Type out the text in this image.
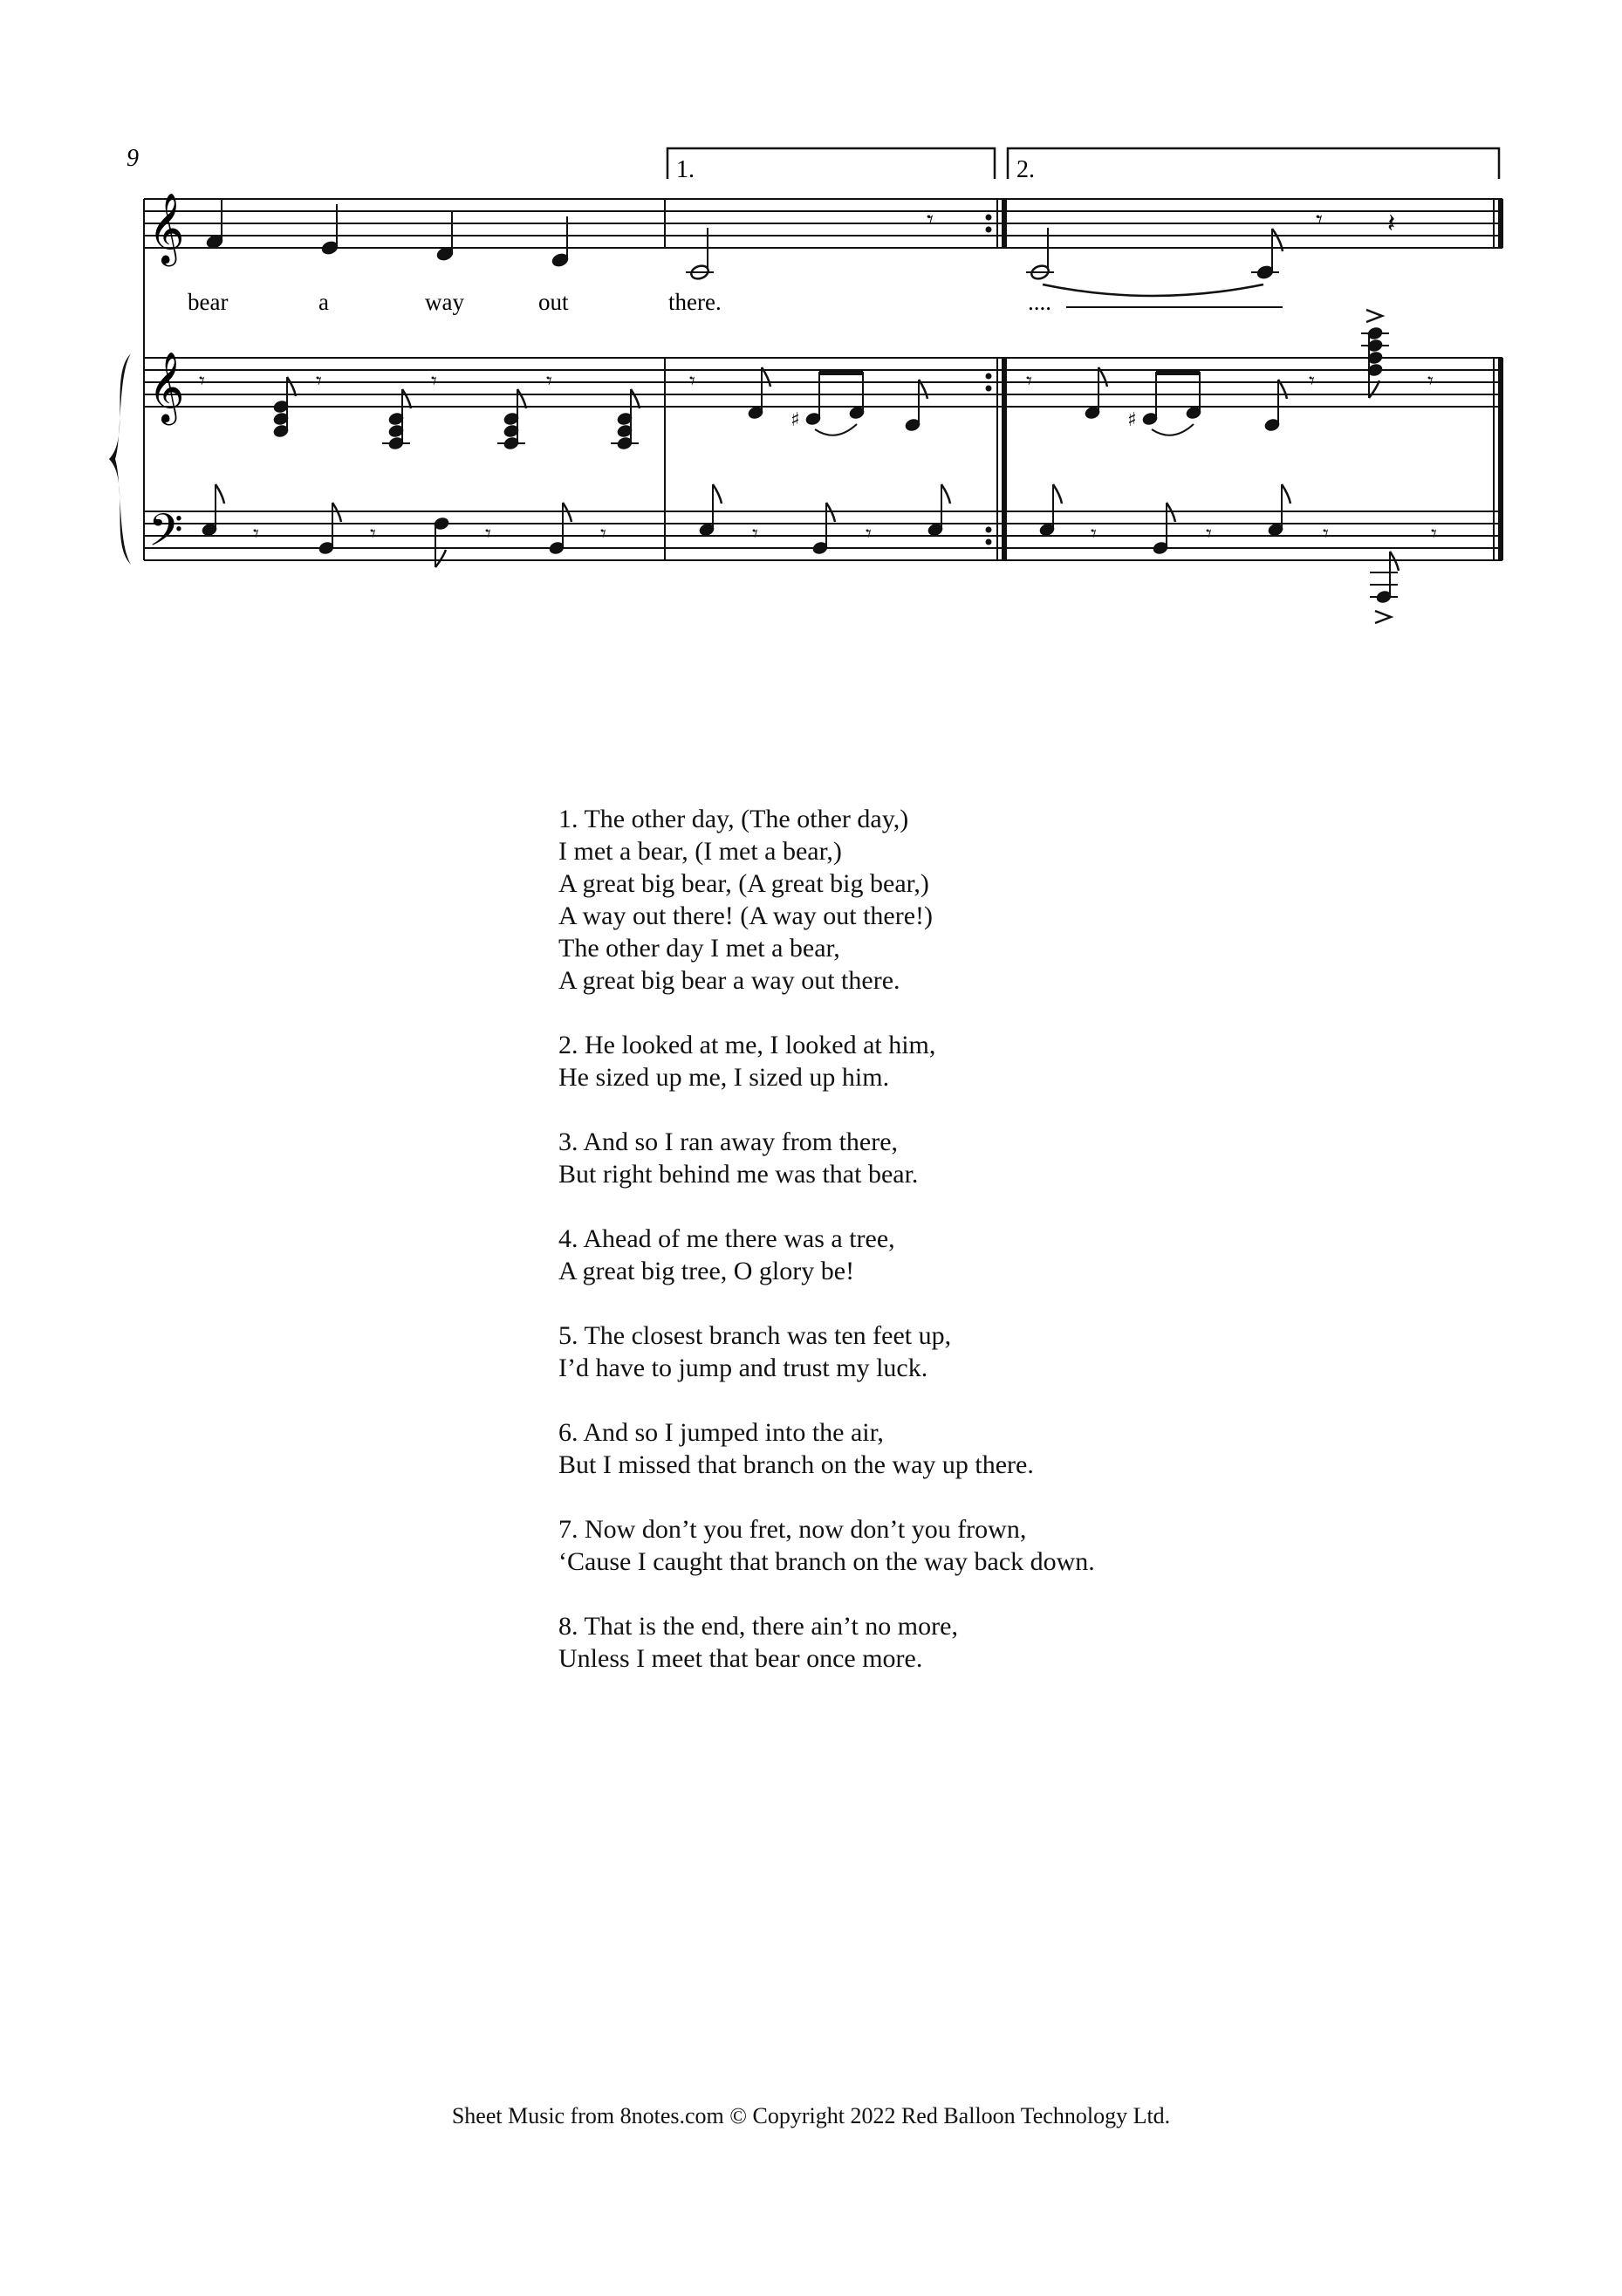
9	1.	2.
𝄞
𝄞
𝄢
𝄾	𝄾 𝄽
bear	a	way	out	there.	....
𝄾	𝄾	𝄾	𝄾	𝄾
♯
𝄾
♯
𝄾	𝄾
𝄾	𝄾	𝄾	𝄾	𝄾	𝄾	𝄾	𝄾	𝄾	𝄾
1. The other day, (The other day,)
I met a bear, (I met a bear,)
A great big bear, (A great big bear,)
A way out there! (A way out there!)
The other day I met a bear,
A great big bear a way out there.
2. He looked at me, I looked at him,
He sized up me, I sized up him.
3. And so I ran away from there,
But right behind me was that bear.
4. Ahead of me there was a tree,
A great big tree, O glory be!
5. The closest branch was ten feet up,
I’d have to jump and trust my luck.
6. And so I jumped into the air,
But I missed that branch on the way up there.
7. Now don’t you fret, now don’t you frown,
‘Cause I caught that branch on the way back down.
8. That is the end, there ain’t no more,
Unless I meet that bear once more.
Sheet Music from 8notes.com © Copyright 2022 Red Balloon Technology Ltd.
